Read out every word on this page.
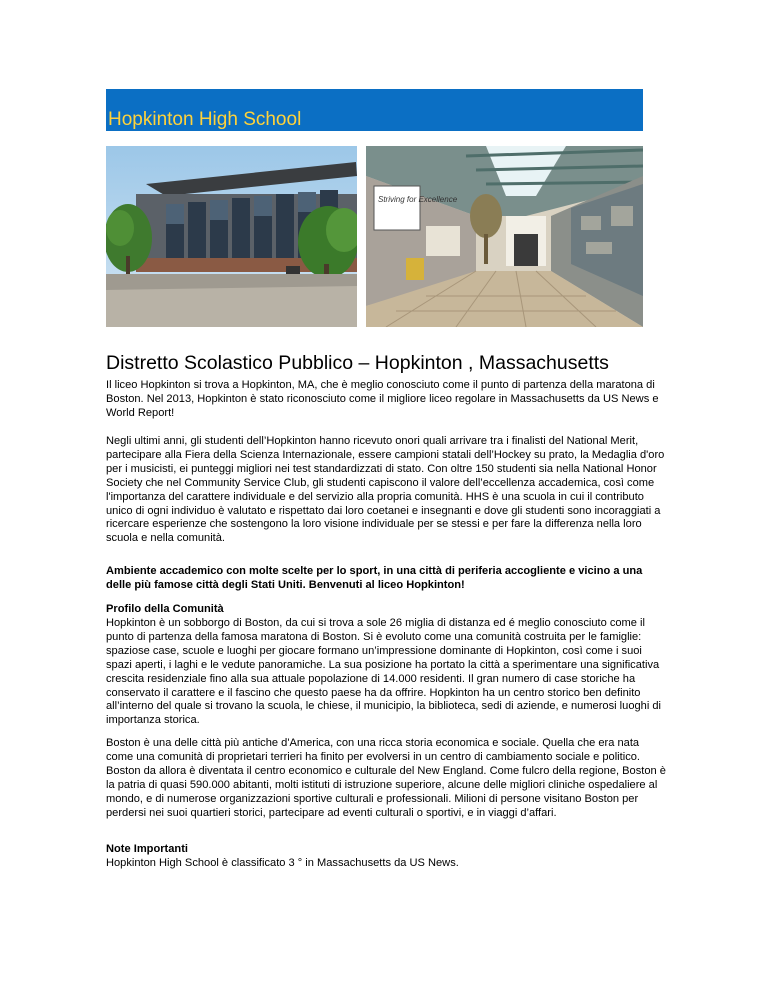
Hopkinton High School
Striving for Excellence
Distretto Scolastico Pubblico – Hopkinton , Massachusetts
Il liceo Hopkinton si trova a Hopkinton, MA, che è meglio conosciuto come il punto di partenza della maratona di Boston. Nel 2013, Hopkinton è stato riconosciuto come il migliore liceo regolare in Massachusetts da US News e World Report!
Negli ultimi anni, gli studenti dell’Hopkinton hanno ricevuto onori quali arrivare tra i finalisti del National Merit, partecipare alla Fiera della Scienza Internazionale, essere campioni statali dell’Hockey su prato, la Medaglia d'oro per i musicisti, ei punteggi migliori nei test standardizzati di stato. Con oltre 150 studenti sia nella National Honor Society che nel Community Service Club, gli studenti capiscono il valore dell’eccellenza accademica, così come l'importanza del carattere individuale e del servizio alla propria comunità. HHS è una scuola in cui il contributo unico di ogni individuo è valutato e rispettato dai loro coetanei e insegnanti e dove gli studenti sono incoraggiati a ricercare esperienze che sostengono la loro visione individuale per se stessi e per fare la differenza nella loro scuola e nella comunità.
Ambiente accademico con molte scelte per lo sport, in una città di periferia accogliente e vicino a una delle più famose città degli Stati Uniti. Benvenuti al liceo Hopkinton!
Profilo della Comunità
Hopkinton è un sobborgo di Boston, da cui si trova a sole 26 miglia di distanza ed é meglio conosciuto come il punto di partenza della famosa maratona di Boston. Si è evoluto come una comunità costruita per le famiglie: spaziose case, scuole e luoghi per giocare formano un’impressione dominante di Hopkinton, così come i suoi spazi aperti, i laghi e le vedute panoramiche. La sua posizione ha portato la città a sperimentare una significativa crescita residenziale fino alla sua attuale popolazione di 14.000 residenti. Il gran numero di case storiche ha conservato il carattere e il fascino che questo paese ha da offrire. Hopkinton ha un centro storico ben definito all’interno del quale si trovano la scuola, le chiese, il municipio, la biblioteca, sedi di aziende, e numerosi luoghi di importanza storica.
Boston è una delle città più antiche d'America, con una ricca storia economica e sociale. Quella che era nata come una comunità di proprietari terrieri ha finito per evolversi in un centro di cambiamento sociale e politico. Boston da allora è diventata il centro economico e culturale del New England. Come fulcro della regione, Boston è la patria di quasi 590.000 abitanti, molti istituti di istruzione superiore, alcune delle migliori cliniche ospedaliere al mondo, e di numerose organizzazioni sportive culturali e professionali. Milioni di persone visitano Boston per perdersi nei suoi quartieri storici, partecipare ad eventi culturali o sportivi, e in viaggi d’affari.
Note Importanti
Hopkinton High School è classificato 3 ° in Massachusetts da US News.
